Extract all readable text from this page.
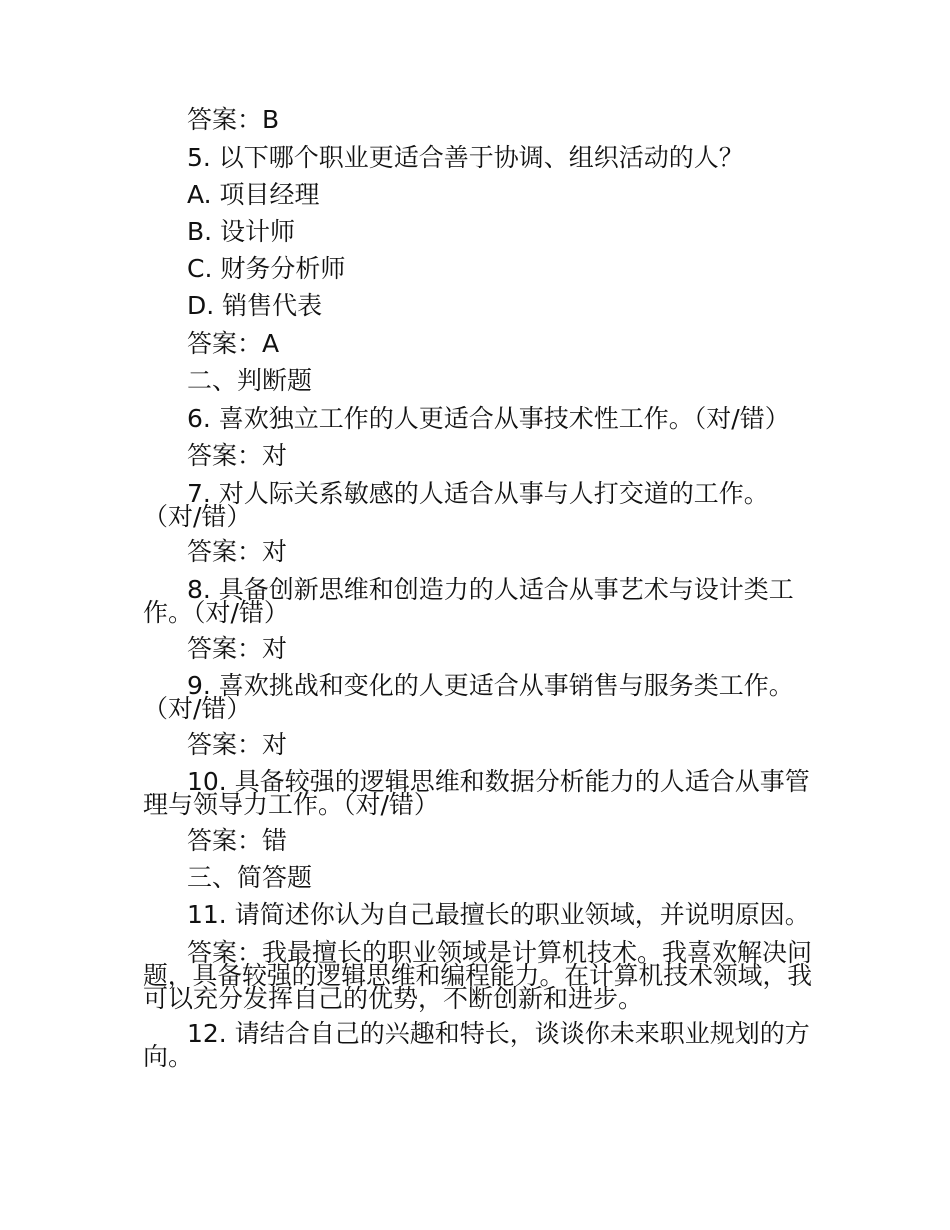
答案：B
5. 以下哪个职业更适合善于协调、组织活动的人？
A. 项目经理
B. 设计师
C. 财务分析师
D. 销售代表
答案：A
二、判断题
6. 喜欢独立工作的人更适合从事技术性工作。（对/错）
答案：对
7. 对人际关系敏感的人适合从事与人打交道的工作。
（对/错）
答案：对
8. 具备创新思维和创造力的人适合从事艺术与设计类工
作。（对/错）
答案：对
9. 喜欢挑战和变化的人更适合从事销售与服务类工作。
（对/错）
答案：对
10. 具备较强的逻辑思维和数据分析能力的人适合从事管
理与领导力工作。（对/错）
答案：错
三、简答题
11. 请简述你认为自己最擅长的职业领域，并说明原因。
答案：我最擅长的职业领域是计算机技术。我喜欢解决问
题，具备较强的逻辑思维和编程能力。在计算机技术领域，我
可以充分发挥自己的优势，不断创新和进步。
12. 请结合自己的兴趣和特长，谈谈你未来职业规划的方
向。
